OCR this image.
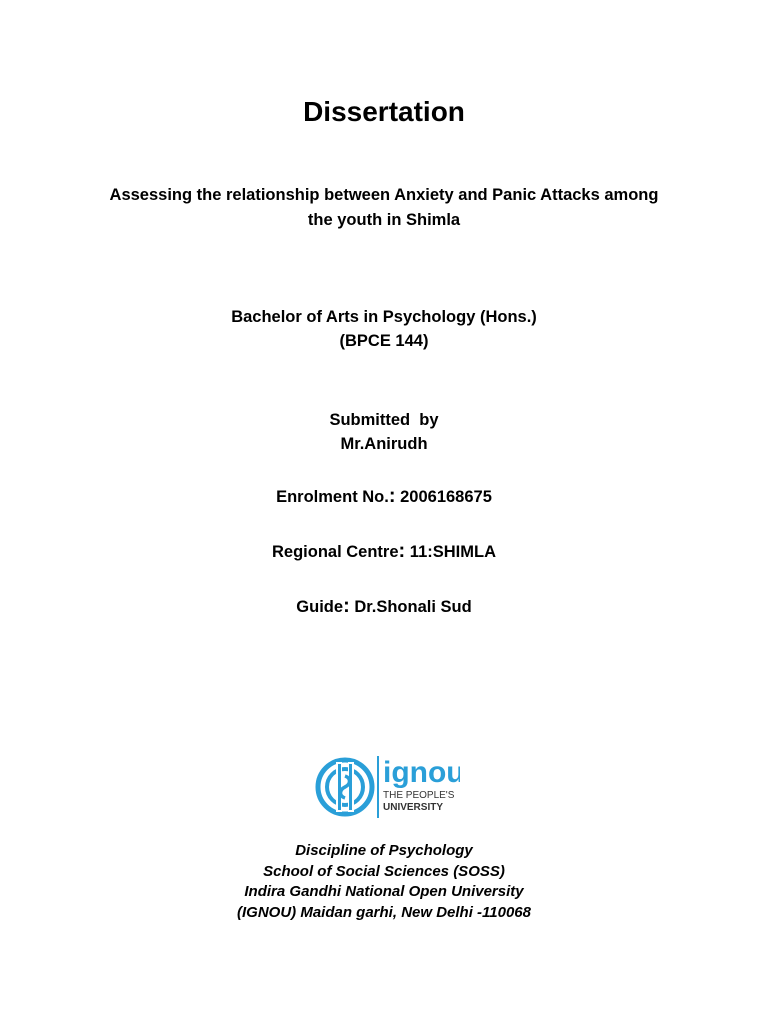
Dissertation
Assessing the relationship between Anxiety and Panic Attacks among
the youth in Shimla
Bachelor of Arts in Psychology (Hons.)
(BPCE 144)
Submitted  by
Mr.Anirudh
Enrolment No.: 2006168675
Regional Centre: 11:SHIMLA
Guide: Dr.Shonali Sud
ignou
THE PEOPLE'S
UNIVERSITY
Discipline of Psychology
School of Social Sciences (SOSS)
Indira Gandhi National Open University
(IGNOU) Maidan garhi, New Delhi -110068
